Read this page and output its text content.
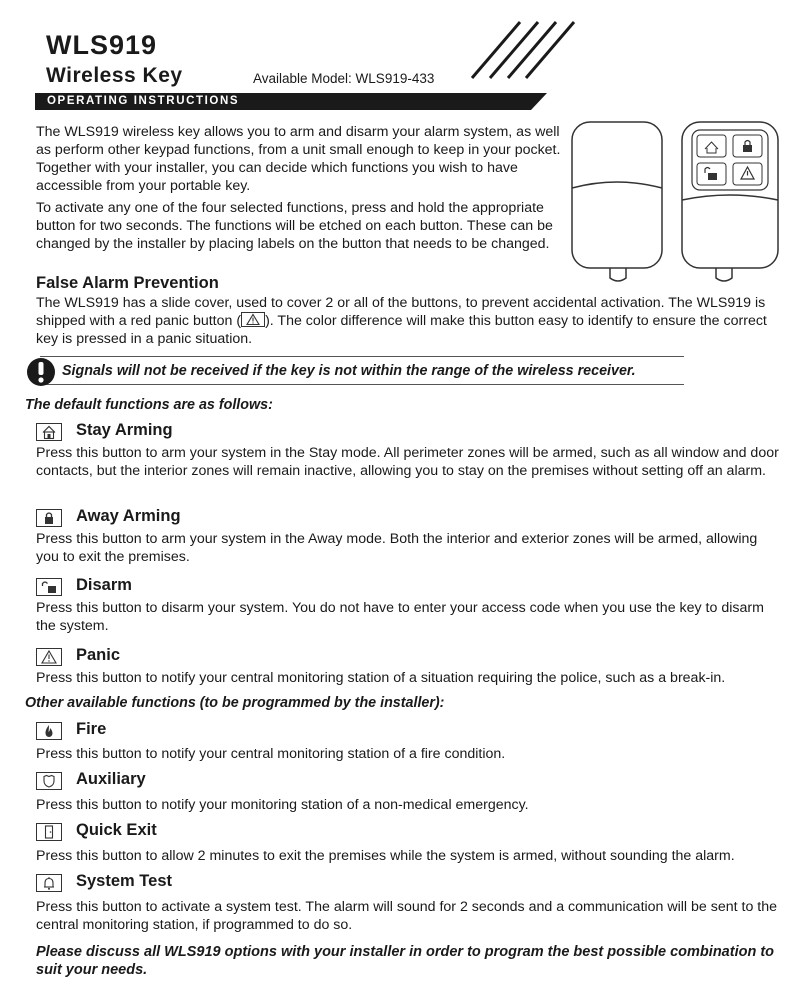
WLS919
Wireless Key	Available Model: WLS919-433
OPERATING INSTRUCTIONS
The WLS919 wireless key allows you to arm and disarm your alarm system, as well as perform other keypad functions, from a unit small enough to keep in your pocket. Together with your installer, you can decide which functions you wish to have accessible from your portable key.
To activate any one of the four selected functions, press and hold the appropriate button for two seconds. The functions will be etched on each button. These can be changed by the installer by placing labels on the button that needs to be changed.
False Alarm Prevention
The WLS919 has a slide cover, used to cover 2 or all of the buttons, to prevent accidental activation. The WLS919 is shipped with a red panic button ( ). The color difference will make this button easy to identify to ensure the correct key is pressed in a panic situation.
Signals will not be received if the key is not within the range of the wireless receiver.
The default functions are as follows:
Stay Arming
Press this button to arm your system in the Stay mode. All perimeter zones will be armed, such as all window and door contacts, but the interior zones will remain inactive, allowing you to stay on the premises without setting off an alarm.
Away Arming
Press this button to arm your system in the Away mode. Both the interior and exterior zones will be armed, allowing you to exit the premises.
Disarm
Press this button to disarm your system. You do not have to enter your access code when you use the key to disarm the system.
Panic
Press this button to notify your central monitoring station of a situation requiring the police, such as a break-in.
Other available functions (to be programmed by the installer):
Fire
Press this button to notify your central monitoring station of a fire condition.
Auxiliary
Press this button to notify your monitoring station of a non-medical emergency.
Quick Exit
Press this button to allow 2 minutes to exit the premises while the system is armed, without sounding the alarm.
System Test
Press this button to activate a system test. The alarm will sound for 2 seconds and a communication will be sent to the central monitoring station, if programmed to do so.
Please discuss all WLS919 options with your installer in order to program the best possible combination to suit your needs.
